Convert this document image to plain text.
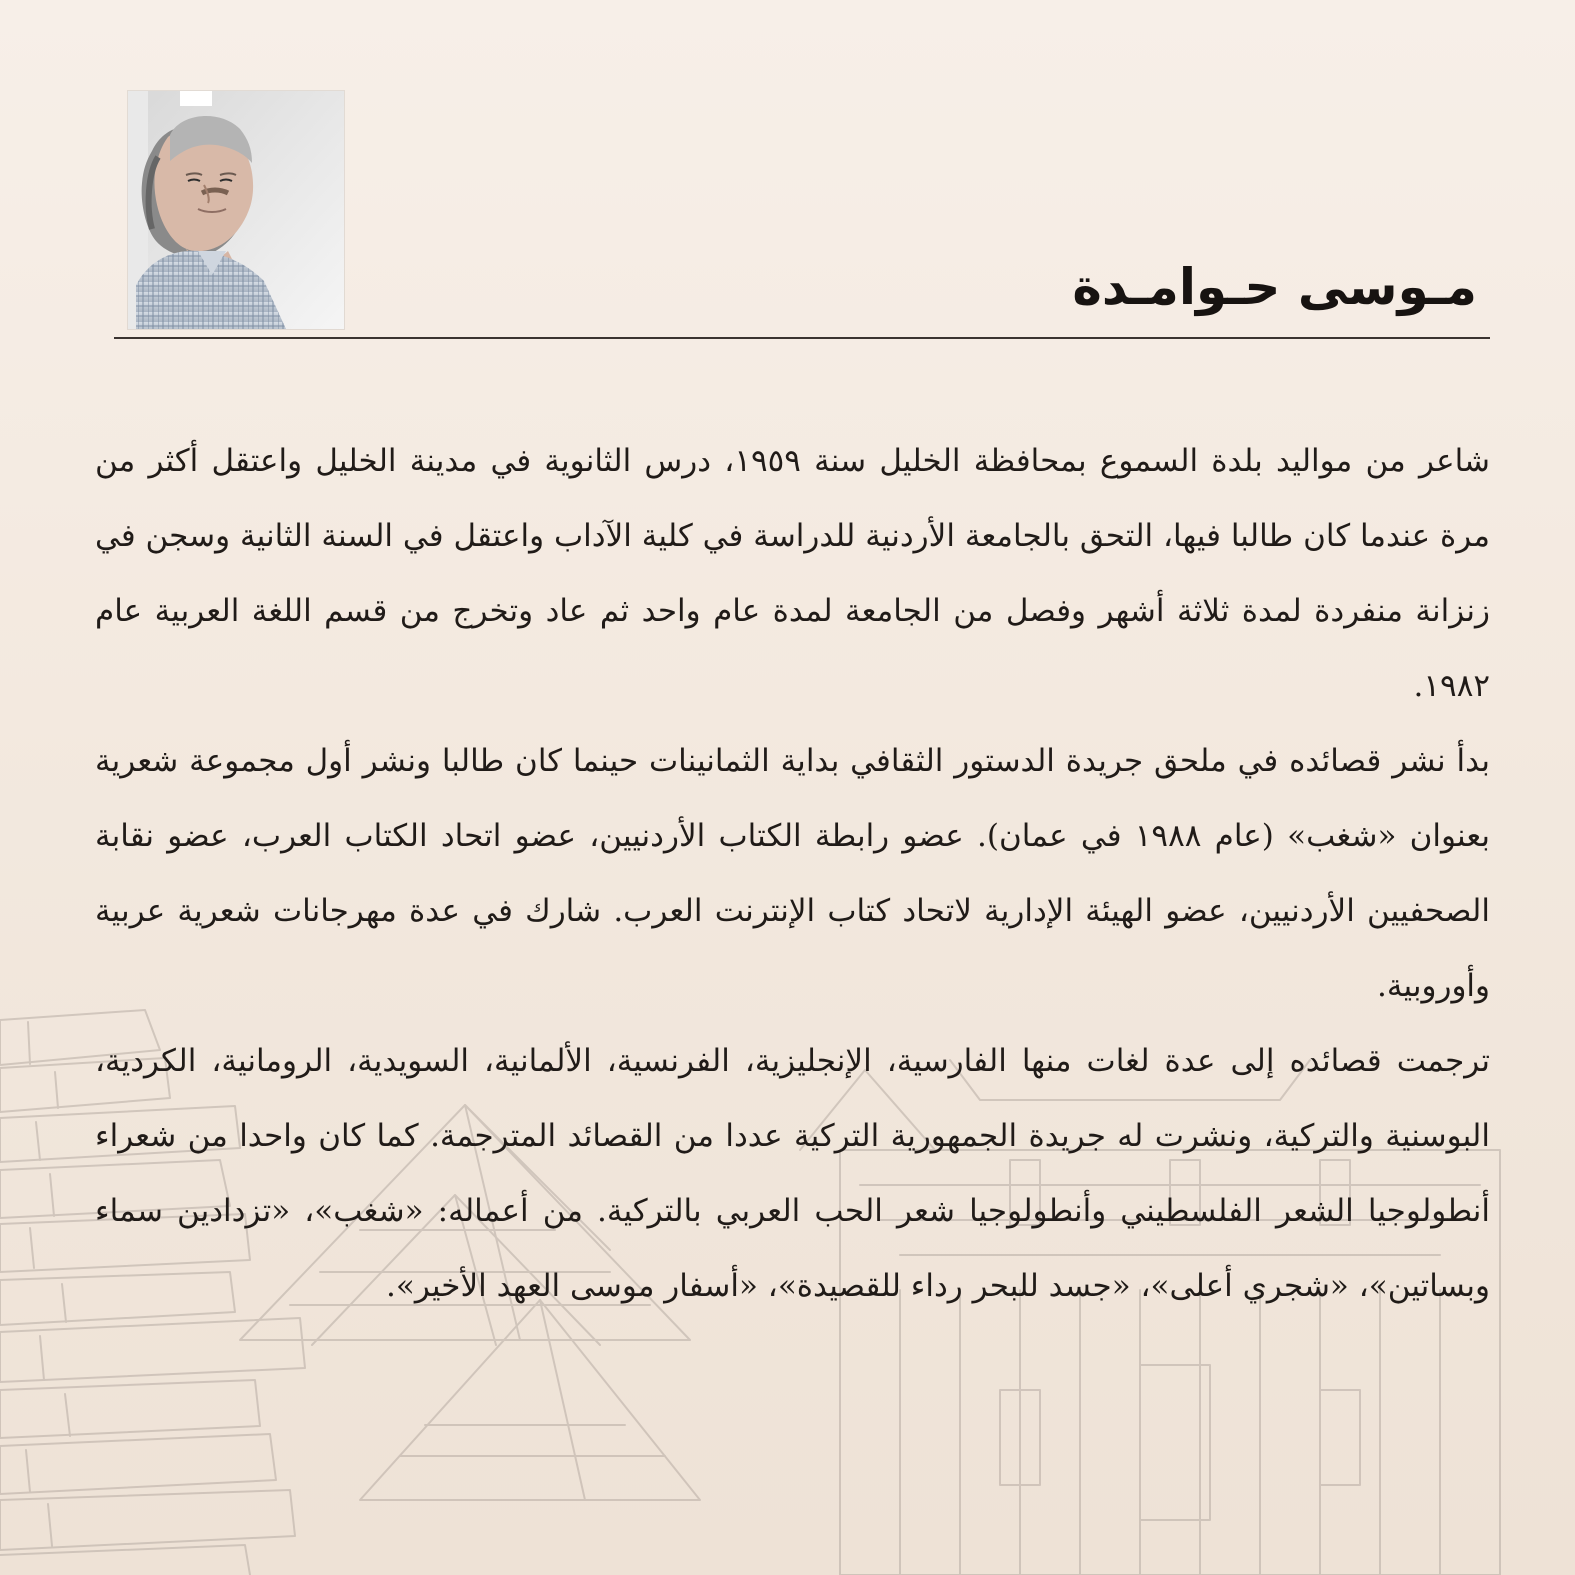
مـوسى حـوامـدة

شاعر من مواليد بلدة السموع بمحافظة الخليل سنة ١٩٥٩، درس الثانوية في مدينة الخليل واعتقل أكثر من مرة عندما كان طالبا فيها، التحق بالجامعة الأردنية للدراسة في كلية الآداب واعتقل في السنة الثانية وسجن في زنزانة منفردة لمدة ثلاثة أشهر وفصل من الجامعة لمدة عام واحد ثم عاد وتخرج من قسم اللغة العربية عام ١٩٨٢.

بدأ نشر قصائده في ملحق جريدة الدستور الثقافي بداية الثمانينات حينما كان طالبا ونشر أول مجموعة شعرية بعنوان «شغب» (عام ١٩٨٨ في عمان). عضو رابطة الكتاب الأردنيين، عضو اتحاد الكتاب العرب، عضو نقابة الصحفيين الأردنيين، عضو الهيئة الإدارية لاتحاد كتاب الإنترنت العرب. شارك في عدة مهرجانات شعرية عربية وأوروبية.

ترجمت قصائده إلى عدة لغات منها الفارسية، الإنجليزية، الفرنسية، الألمانية، السويدية، الرومانية، الكردية، البوسنية والتركية، ونشرت له جريدة الجمهورية التركية عددا من القصائد المترجمة. كما كان واحدا من شعراء أنطولوجيا الشعر الفلسطيني وأنطولوجيا شعر الحب العربي بالتركية. من أعماله: «شغب»، «تزدادين سماء وبساتين»، «شجري أعلى»، «جسد للبحر رداء للقصيدة»، «أسفار موسى العهد الأخير».
